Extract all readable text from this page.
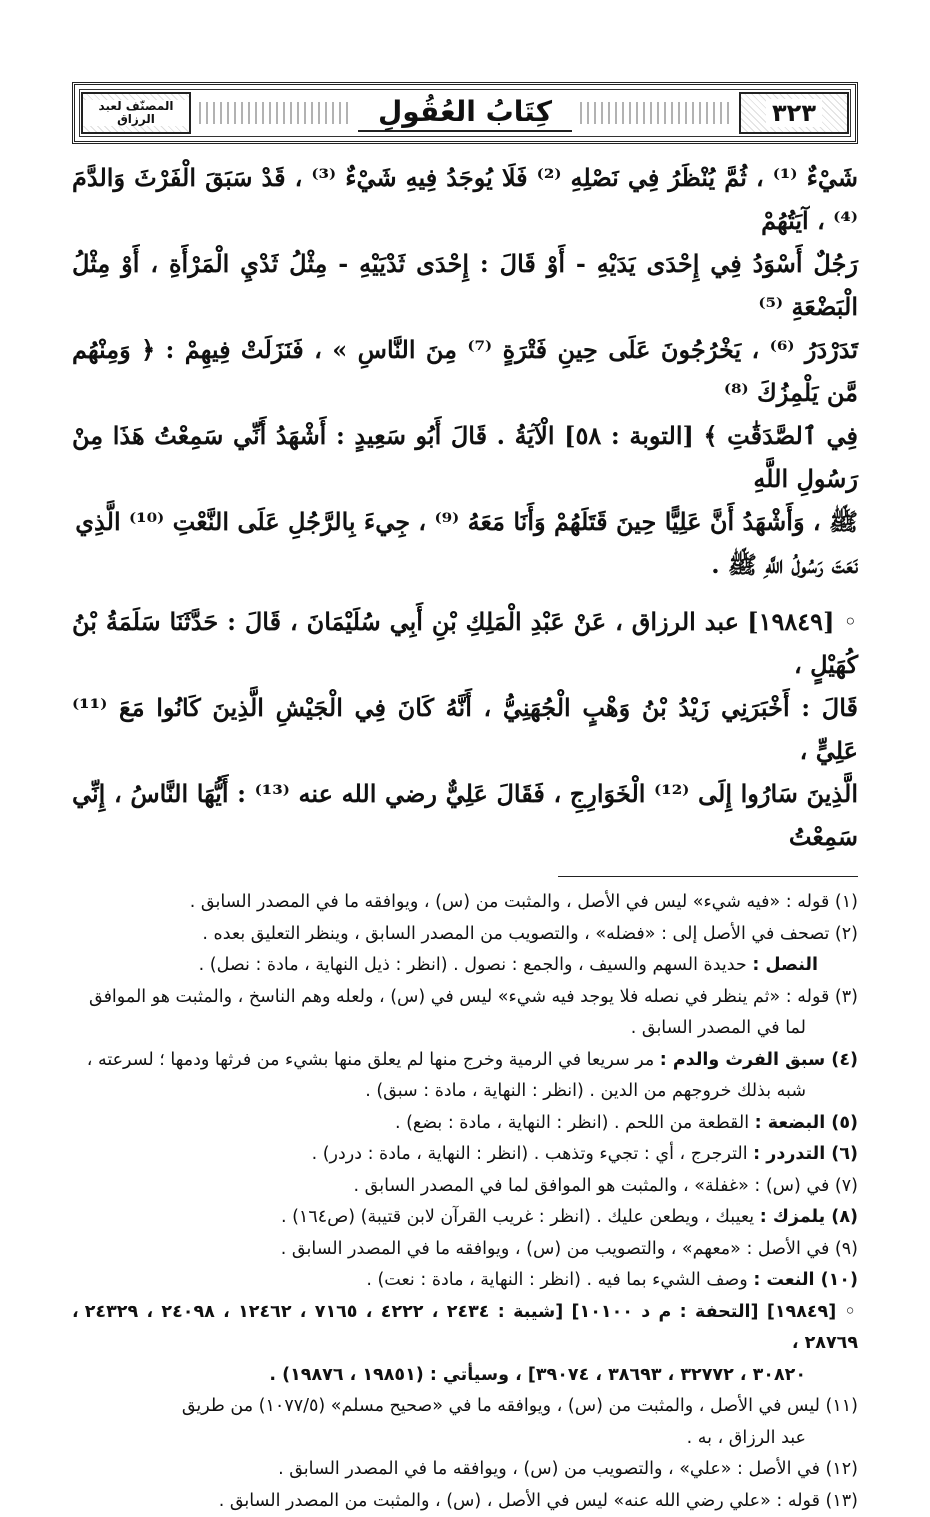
٣٢٣
كِتَابُ العُقُولِ
المصنّف لعبد الرزاق

شَيْءٌ ⁽¹⁾ ، ثُمَّ يُنْظَرُ فِي نَصْلِهِ ⁽²⁾ فَلَا يُوجَدُ فِيهِ شَيْءٌ ⁽³⁾ ، قَدْ سَبَقَ الْفَرْثَ وَالدَّمَ ⁽⁴⁾ ، آيَتُهُمْ

رَجُلٌ أَسْوَدُ فِي إِحْدَى يَدَيْهِ - أَوْ قَالَ : إِحْدَى ثَدْيَيْهِ - مِثْلُ ثَدْيِ الْمَرْأَةِ ، أَوْ مِثْلُ الْبَضْعَةِ ⁽⁵⁾

تَدَرْدَرُ ⁽⁶⁾ ، يَخْرُجُونَ عَلَى حِينِ فَتْرَةٍ ⁽⁷⁾ مِنَ النَّاسِ » ، فَنَزَلَتْ فِيهِمْ : ﴿ وَمِنْهُم مَّن يَلْمِزُكَ ⁽⁸⁾

فِي ٱلصَّدَقَٰتِ ﴾ [التوبة : ٥٨] الْآيَةُ . قَالَ أَبُو سَعِيدٍ : أَشْهَدُ أَنِّي سَمِعْتُ هَذَا مِنْ رَسُولِ اللَّهِ

ﷺ ، وَأَشْهَدُ أَنَّ عَلِيًّا حِينَ قَتَلَهُمْ وَأَنَا مَعَهُ ⁽⁹⁾ ، جِيءَ بِالرَّجُلِ عَلَى النَّعْتِ ⁽¹⁰⁾ الَّذِي

نَعَتَ رَسُولُ اللَّهِ ﷺ .

◦ [١٩٨٤٩] عبد الرزاق ، عَنْ عَبْدِ الْمَلِكِ بْنِ أَبِي سُلَيْمَانَ ، قَالَ : حَدَّثَنَا سَلَمَةُ بْنُ كُهَيْلٍ ،

قَالَ : أَخْبَرَنِي زَيْدُ بْنُ وَهْبٍ الْجُهَنِيُّ ، أَنَّهُ كَانَ فِي الْجَيْشِ الَّذِينَ كَانُوا مَعَ ⁽¹¹⁾ عَلِيٍّ ،

الَّذِينَ سَارُوا إِلَى ⁽¹²⁾ الْخَوَارِجِ ، فَقَالَ عَلِيٌّ رضي الله عنه ⁽¹³⁾ : أَيُّهَا النَّاسُ ، إِنِّي سَمِعْتُ

(١) قوله : «فيه شيء» ليس في الأصل ، والمثبت من (س) ، ويوافقه ما في المصدر السابق .
(٢) تصحف في الأصل إلى : «فضله» ، والتصويب من المصدر السابق ، وينظر التعليق بعده .
النصل : حديدة السهم والسيف ، والجمع : نصول . (انظر : ذيل النهاية ، مادة : نصل) .
(٣) قوله : «ثم ينظر في نصله فلا يوجد فيه شيء» ليس في (س) ، ولعله وهم الناسخ ، والمثبت هو الموافق
لما في المصدر السابق .
(٤) سبق الفرث والدم : مر سريعا في الرمية وخرج منها لم يعلق منها بشيء من فرثها ودمها ؛ لسرعته ،
شبه بذلك خروجهم من الدين . (انظر : النهاية ، مادة : سبق) .
(٥) البضعة : القطعة من اللحم . (انظر : النهاية ، مادة : بضع) .
(٦) التدردر : الترجرج ، أي : تجيء وتذهب . (انظر : النهاية ، مادة : دردر) .
(٧) في (س) : «غفلة» ، والمثبت هو الموافق لما في المصدر السابق .
(٨) يلمزك : يعيبك ، ويطعن عليك . (انظر : غريب القرآن لابن قتيبة) (ص١٦٤) .
(٩) في الأصل : «معهم» ، والتصويب من (س) ، ويوافقه ما في المصدر السابق .
(١٠) النعت : وصف الشيء بما فيه . (انظر : النهاية ، مادة : نعت) .
◦ [١٩٨٤٩] [التحفة : م د ١٠١٠٠] [شيبة : ٢٤٣٤ ، ٤٢٢٢ ، ٧١٦٥ ، ١٢٤٦٢ ، ٢٤٠٩٨ ، ٢٤٣٢٩ ، ٢٨٧٦٩ ،
٣٠٨٢٠ ، ٣٢٧٧٢ ، ٣٨٦٩٣ ، ٣٩٠٧٤] ، وسيأتي : (١٩٨٥١ ، ١٩٨٧٦) .
(١١) ليس في الأصل ، والمثبت من (س) ، ويوافقه ما في «صحيح مسلم» (١٠٧٧/٥) من طريق
عبد الرزاق ، به .
(١٢) في الأصل : «علي» ، والتصويب من (س) ، ويوافقه ما في المصدر السابق .
(١٣) قوله : «علي رضي الله عنه» ليس في الأصل ، (س) ، والمثبت من المصدر السابق .
